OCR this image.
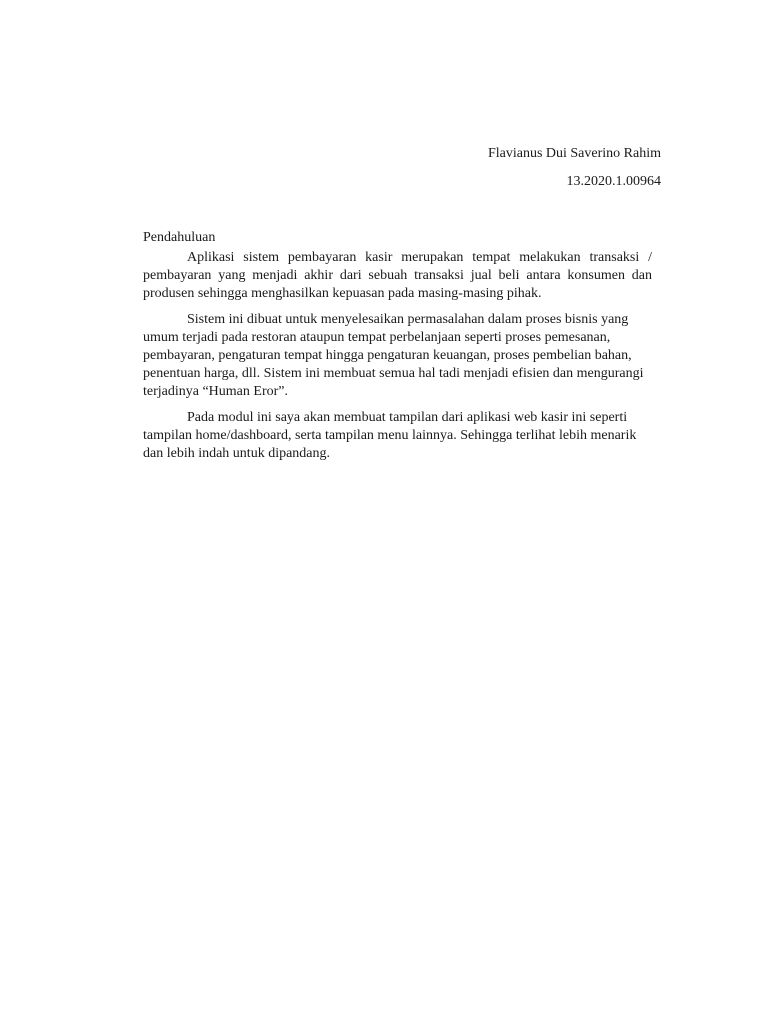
Flavianus Dui Saverino Rahim
13.2020.1.00964
Pendahuluan

Aplikasi sistem pembayaran kasir merupakan tempat melakukan transaksi / pembayaran yang menjadi akhir dari sebuah transaksi jual beli antara konsumen dan produsen sehingga menghasilkan kepuasan pada masing-masing pihak.

Sistem ini dibuat untuk menyelesaikan permasalahan dalam proses bisnis yang umum terjadi pada restoran ataupun tempat perbelanjaan seperti proses pemesanan, pembayaran, pengaturan tempat hingga pengaturan keuangan, proses pembelian bahan, penentuan harga, dll. Sistem ini membuat semua hal tadi menjadi efisien dan mengurangi terjadinya “Human Eror”.

Pada modul ini saya akan membuat tampilan dari aplikasi web kasir ini seperti tampilan home/dashboard, serta tampilan menu lainnya. Sehingga terlihat lebih menarik dan lebih indah untuk dipandang.
